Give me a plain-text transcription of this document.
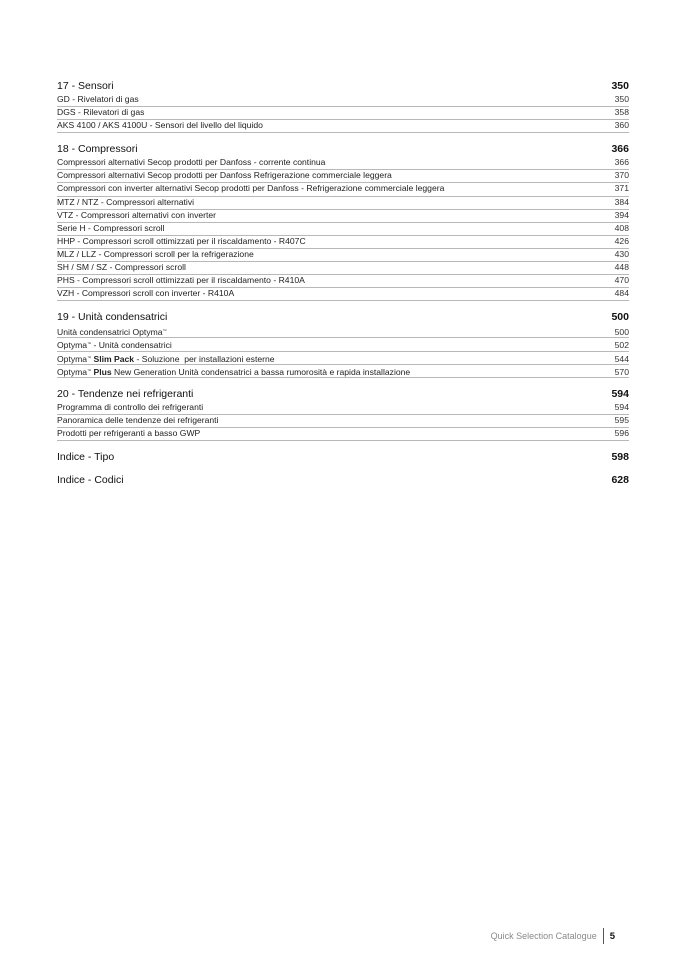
17 - Sensori	350
GD - Rivelatori di gas	350
DGS - Rilevatori di gas	358
AKS 4100 / AKS 4100U - Sensori del livello del liquido	360
18 - Compressori	366
Compressori alternativi Secop prodotti per Danfoss - corrente continua	366
Compressori alternativi Secop prodotti per Danfoss Refrigerazione commerciale leggera	370
Compressori con inverter alternativi Secop prodotti per Danfoss - Refrigerazione commerciale leggera	371
MTZ / NTZ - Compressori alternativi	384
VTZ - Compressori alternativi con inverter	394
Serie H - Compressori scroll	408
HHP - Compressori scroll ottimizzati per il riscaldamento - R407C	426
MLZ / LLZ - Compressori scroll per la refrigerazione	430
SH / SM / SZ - Compressori scroll	448
PHS - Compressori scroll ottimizzati per il riscaldamento - R410A	470
VZH - Compressori scroll con inverter - R410A	484
19 - Unità condensatrici	500
Unità condensatrici Optyma™	500
Optyma™ - Unità condensatrici	502
Optyma™ Slim Pack - Soluzione  per installazioni esterne	544
Optyma™ Plus New Generation Unità condensatrici a bassa rumorosità e rapida installazione	570
20 - Tendenze nei refrigeranti	594
Programma di controllo dei refrigeranti	594
Panoramica delle tendenze dei refrigeranti	595
Prodotti per refrigeranti a basso GWP	596
Indice - Tipo	598
Indice - Codici	628
Quick Selection Catalogue 5
